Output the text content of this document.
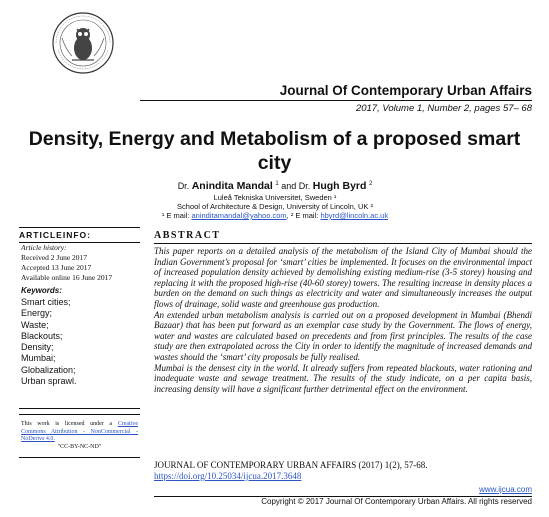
Journal Of Contemporary Urban Affairs
2017, Volume 1, Number 2, pages 57– 68
Density, Energy and Metabolism of a proposed smart city
Dr. Anindita Mandal $^1$ and Dr. Hugh Byrd $^2$
Luleå Tekniska Universitet, Sweden ¹
School of Architecture & Design, University of Lincoln, UK ²
¹ E mail: aninditamandal@yahoo.com, ² E mail: hbyrd@lincoln.ac.uk
ARTICLEINFO:
Article history:
Received 2 June 2017
Accepted 13 June 2017
Available online 16 June 2017
Keywords:
Smart cities;
Energy;
Waste;
Blackouts;
Density;
Mumbai;
Globalization;
Urban sprawl.
This work is licensed under a Creative Commons Attribution - NonCommercial - NoDerivs 4.0.
"CC-BY-NC-ND"
ABSTRACT

This paper reports on a detailed analysis of the metabolism of the Island City of Mumbai should the Indian Government’s proposal for ‘smart’ cities be implemented. It focuses on the environmental impact of increased population density achieved by demolishing existing medium-rise (3-5 storey) housing and replacing it with the proposed high-rise (40-60 storey) towers. The resulting increase in density places a burden on the demand on such things as electricity and water and simultaneously increases the output flows of drainage, solid waste and greenhouse gas production.

An extended urban metabolism analysis is carried out on a proposed development in Mumbai (Bhendi Bazaar) that has been put forward as an exemplar case study by the Government. The flows of energy, water and wastes are calculated based on precedents and from first principles. The results of the case study are then extrapolated across the City in order to identify the magnitude of increased demands and wastes should the ‘smart’ city proposals be fully realised.

Mumbai is the densest city in the world. It already suffers from repeated blackouts, water rationing and inadequate waste and sewage treatment. The results of the study indicate, on a per capita basis, increasing density will have a significant further detrimental effect on the environment.

JOURNAL OF CONTEMPORARY URBAN AFFAIRS (2017) 1(2), 57-68.
https://doi.org/10.25034/ijcua.2017.3648
www.ijcua.com
Copyright © 2017 Journal Of Contemporary Urban Affairs. All rights reserved
